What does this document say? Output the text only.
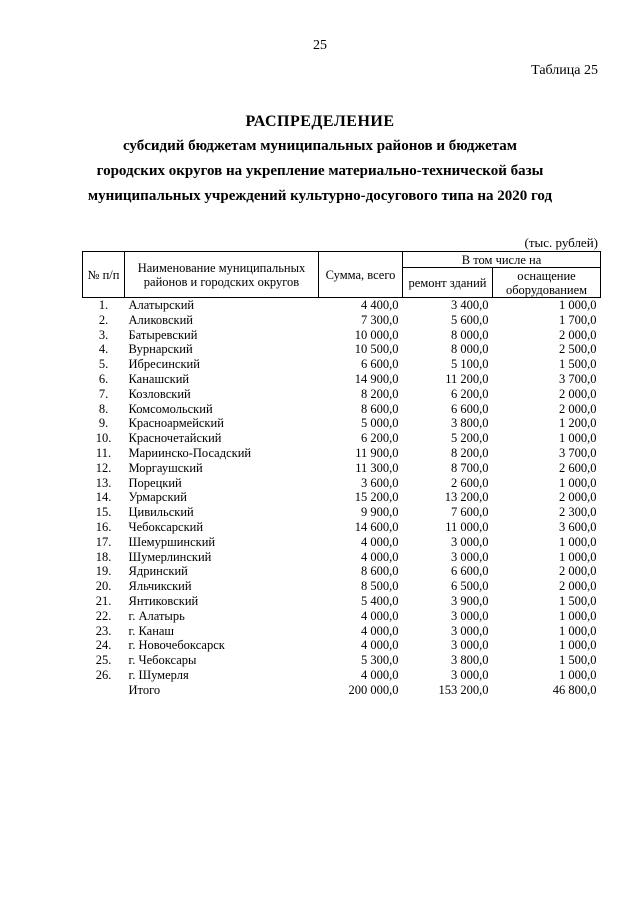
25
Таблица 25
РАСПРЕДЕЛЕНИЕ
субсидий бюджетам муниципальных районов и бюджетам
городских округов на укрепление материально-технической базы
муниципальных учреждений культурно-досугового типа на 2020 год
(тыс. рублей)
№ п/п	Наименование муниципальных районов и городских округов	Сумма, всего	В том числе на	
			ремонт зданий	оснащение оборудованием
1.	Алатырский	4 400,0	3 400,0	1 000,0
2.	Аликовский	7 300,0	5 600,0	1 700,0
3.	Батыревский	10 000,0	8 000,0	2 000,0
4.	Вурнарский	10 500,0	8 000,0	2 500,0
5.	Ибресинский	6 600,0	5 100,0	1 500,0
6.	Канашский	14 900,0	11 200,0	3 700,0
7.	Козловский	8 200,0	6 200,0	2 000,0
8.	Комсомольский	8 600,0	6 600,0	2 000,0
9.	Красноармейский	5 000,0	3 800,0	1 200,0
10.	Красночетайский	6 200,0	5 200,0	1 000,0
11.	Мариинско-Посадский	11 900,0	8 200,0	3 700,0
12.	Моргаушский	11 300,0	8 700,0	2 600,0
13.	Порецкий	3 600,0	2 600,0	1 000,0
14.	Урмарский	15 200,0	13 200,0	2 000,0
15.	Цивильский	9 900,0	7 600,0	2 300,0
16.	Чебоксарский	14 600,0	11 000,0	3 600,0
17.	Шемуршинский	4 000,0	3 000,0	1 000,0
18.	Шумерлинский	4 000,0	3 000,0	1 000,0
19.	Ядринский	8 600,0	6 600,0	2 000,0
20.	Яльчикский	8 500,0	6 500,0	2 000,0
21.	Янтиковский	5 400,0	3 900,0	1 500,0
22.	г. Алатырь	4 000,0	3 000,0	1 000,0
23.	г. Канаш	4 000,0	3 000,0	1 000,0
24.	г. Новочебоксарск	4 000,0	3 000,0	1 000,0
25.	г. Чебоксары	5 300,0	3 800,0	1 500,0
26.	г. Шумерля	4 000,0	3 000,0	1 000,0
	Итого	200 000,0	153 200,0	46 800,0
